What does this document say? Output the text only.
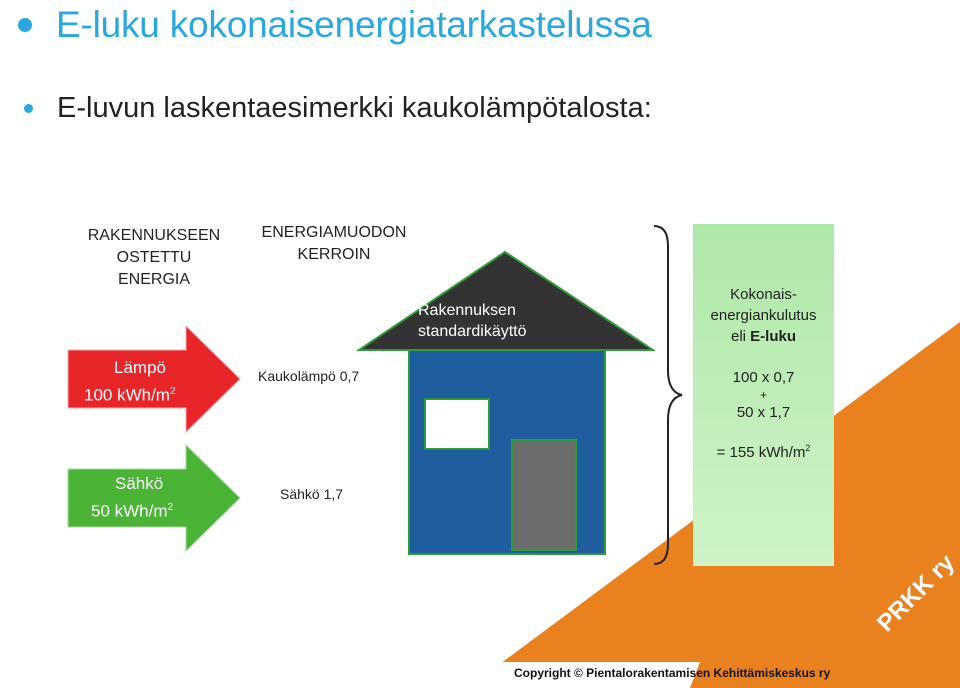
E-luku kokonaisenergiatarkastelussa
E-luvun laskentaesimerkki kaukolämpötalosta:
RAKENNUKSEEN
OSTETTU
ENERGIA
ENERGIAMUODON
KERROIN
Lämpö
100 kWh/$m^2$
Sähkö
50 kWh/$m^2$
Kaukolämpö 0,7
Sähkö 1,7
Rakennuksen
standardikäyttö
Kokonais-
energiankulutus
eli E-luku
100 x 0,7
+
50 x 1,7
= 155 kWh/$m^2$
Copyright © Pientalorakentamisen Kehittämiskeskus ry
PRKK ry
